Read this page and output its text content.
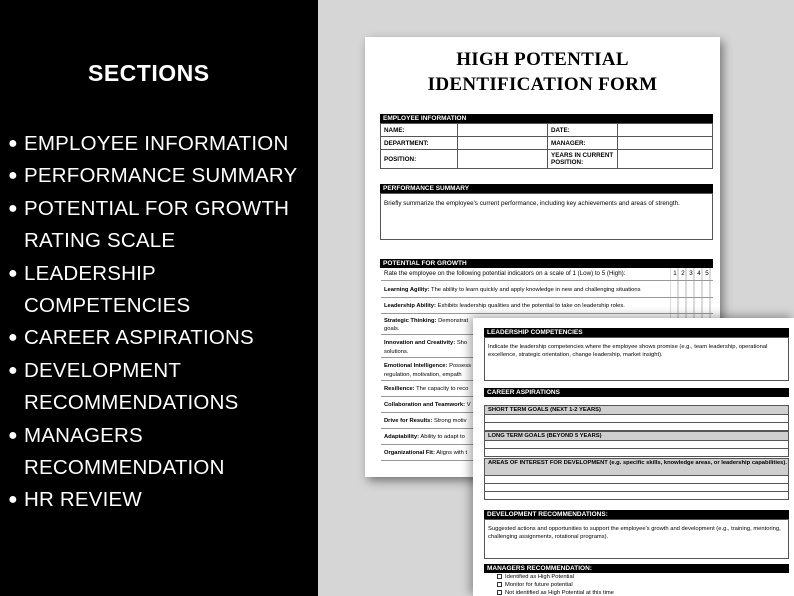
SECTIONS
● EMPLOYEE INFORMATION
● PERFORMANCE SUMMARY
● POTENTIAL FOR GROWTH
RATING SCALE
● LEADERSHIP COMPETENCIES
● CAREER ASPIRATIONS
● DEVELOPMENT
RECOMMENDATIONS
● MANAGERS
RECOMMENDATION
● HR REVIEW
HIGH POTENTIAL
IDENTIFICATION FORM
EMPLOYEE INFORMATION
NAME:		DATE:	
DEPARTMENT:		MANAGER:	
POSITION:		YEARS IN CURRENT POSITION:	
PERFORMANCE SUMMARY
Briefly summarize the employee's current performance, including key achievements and areas of strength.
POTENTIAL FOR GROWTH
Rate the employee on the following potential indicators on a scale of 1 (Low) to 5 (High):	1 2 3 4 5
Learning Agility: The ability to learn quickly and apply knowledge in new and challenging situations
Leadership Ability: Exhibits leadership qualities and the potential to take on leadership roles.
Strategic Thinking: Demonstrat
goals.
Innovation and Creativity: Sho
solutions.
Emotional Intelligence: Possess
regulation, motivation, empath
Resilience: The capacity to reco
Collaboration and Teamwork: V
Drive for Results: Strong motiv
Adaptability: Ability to adapt to
Organizational Fit: Aligns with t
LEADERSHIP COMPETENCIES
Indicate the leadership competencies where the employee shows promise (e.g., team leadership, operational excellence, strategic orientation, change leadership, market insight).
CAREER ASPIRATIONS
SHORT TERM GOALS (NEXT 1-2 YEARS)
LONG TERM GOALS (BEYOND 5 YEARS)
AREAS OF INTEREST FOR DEVELOPMENT (e.g. specific skills, knowledge areas, or leadership capabilities).
DEVELOPMENT RECOMMENDATIONS:
Suggested actions and opportunities to support the employee's growth and development (e.g., training, mentoring, challenging assignments, rotational programs).
MANAGERS RECOMMENDATION:
Identified as High Potential
Monitor for future potential
Not identified as High Potential at this time
